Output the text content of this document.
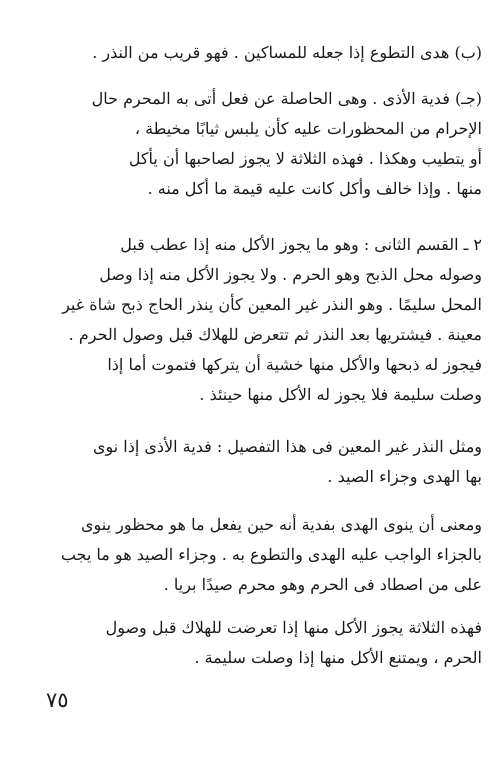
(ب) هدى التطوع إذا جعله للمساكين . فهو قريب من النذر .
(جـ) فدية الأذى . وهى الحاصلة عن فعل أتى به المحرم حال
الإحرام من المحظورات عليه كأن يلبس ثيابًا مخيطة ،
أو يتطيب وهكذا . فهذه الثلاثة لا يجوز لصاحبها أن يأكل
منها . وإذا خالف وأكل كانت عليه قيمة ما أكل منه .
٢ ـ القسم الثانى : وهو ما يجوز الأكل منه إذا عطب قبل
وصوله محل الذبح وهو الحرم . ولا يجوز الأكل منه إذا وصل
المحل سليمًا . وهو النذر غير المعين كأن ينذر الحاج ذبح شاة غير
معينة . فيشتريها بعد النذر ثم تتعرض للهلاك قبل وصول الحرم .
فيجوز له ذبحها والأكل منها خشية أن يتركها فتموت أما إذا
وصلت سليمة فلا يجوز له الأكل منها حينئذ .
ومثل النذر غير المعين فى هذا التفصيل : فدية الأذى إذا نوى
بها الهدى وجزاء الصيد .
ومعنى أن ينوى الهدى بفدية أنه حين يفعل ما هو محظور ينوى
بالجزاء الواجب عليه الهدى والتطوع به . وجزاء الصيد هو ما يجب
على من اصطاد فى الحرم وهو محرم صيدًا بريا .
فهذه الثلاثة يجوز الأكل منها إذا تعرضت للهلاك قبل وصول
الحرم ، ويمتنع الأكل منها إذا وصلت سليمة .
٧٥
